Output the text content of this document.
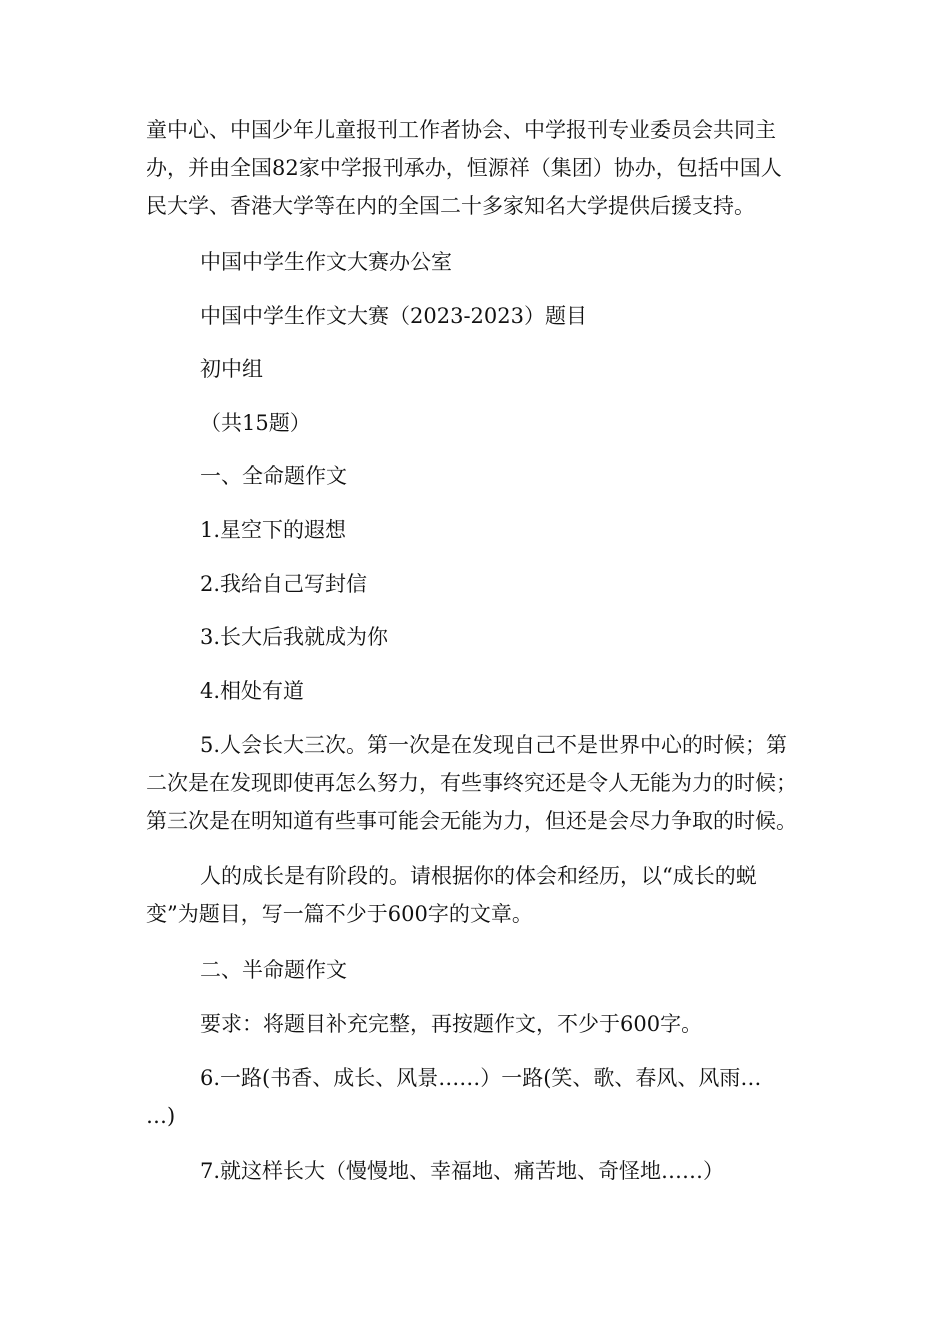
童中心、中国少年儿童报刊工作者协会、中学报刊专业委员会共同主
办，并由全国82家中学报刊承办，恒源祥（集团）协办，包括中国人
民大学、香港大学等在内的全国二十多家知名大学提供后援支持。

中国中学生作文大赛办公室

中国中学生作文大赛（2023-2023）题目

初中组

（共15题）

一、全命题作文

1.星空下的遐想

2.我给自己写封信

3.长大后我就成为你

4.相处有道

5.人会长大三次。第一次是在发现自己不是世界中心的时候；第
二次是在发现即使再怎么努力，有些事终究还是令人无能为力的时候；
第三次是在明知道有些事可能会无能为力，但还是会尽力争取的时候。

人的成长是有阶段的。请根据你的体会和经历，以“成长的蜕
变”为题目，写一篇不少于600字的文章。

二、半命题作文

要求：将题目补充完整，再按题作文，不少于600字。

6.一路(书香、成长、风景……）一路(笑、歌、春风、风雨…
…)

7.就这样长大（慢慢地、幸福地、痛苦地、奇怪地……）
